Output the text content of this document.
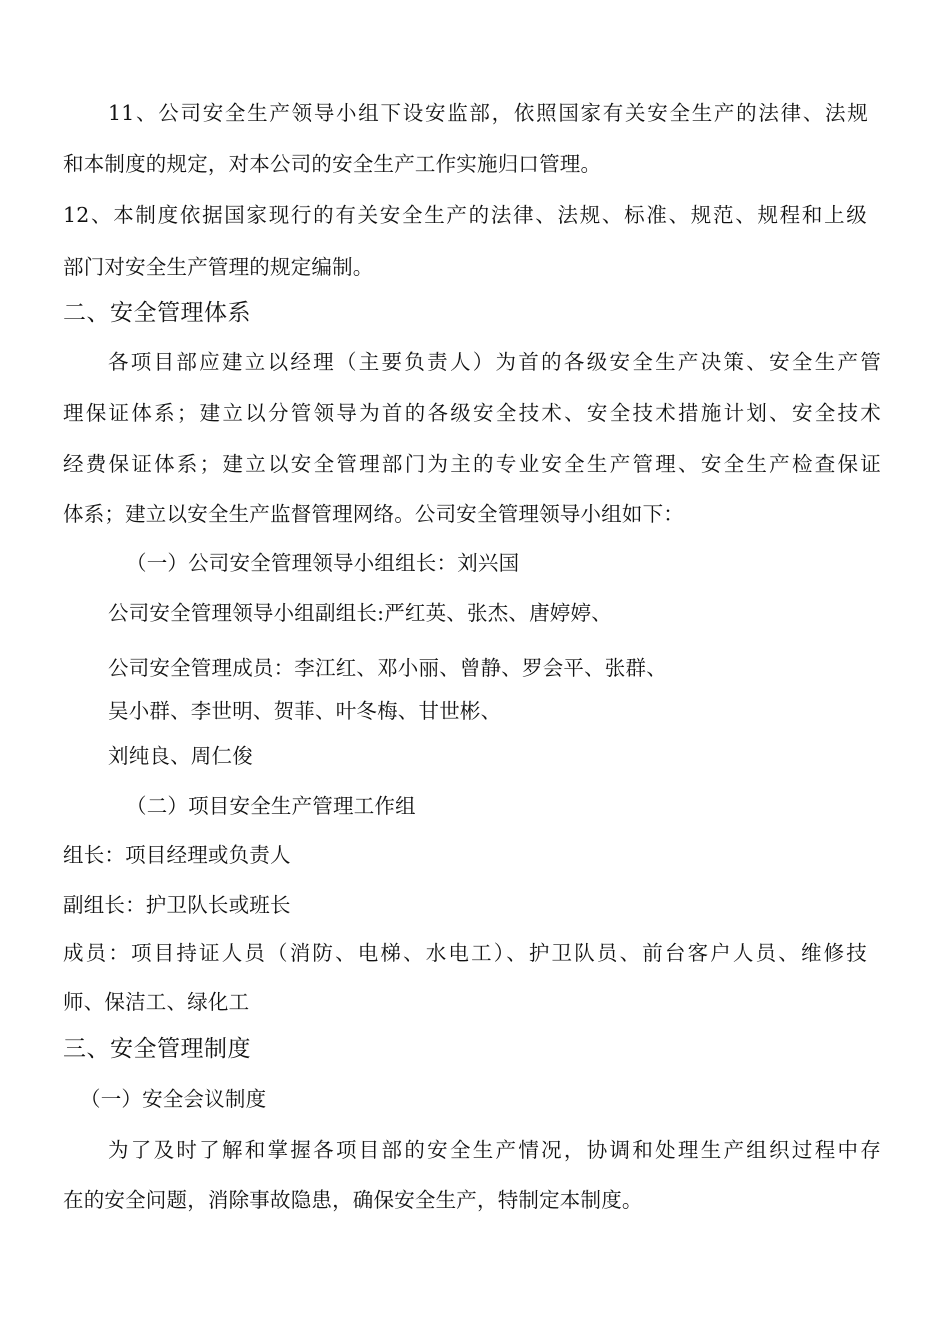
11、公司安全生产领导小组下设安监部，依照国家有关安全生产的法律、法规
和本制度的规定，对本公司的安全生产工作实施归口管理。
12、本制度依据国家现行的有关安全生产的法律、法规、标准、规范、规程和上级
部门对安全生产管理的规定编制。
二、安全管理体系
各项目部应建立以经理（主要负责人）为首的各级安全生产决策、安全生产管
理保证体系；建立以分管领导为首的各级安全技术、安全技术措施计划、安全技术
经费保证体系；建立以安全管理部门为主的专业安全生产管理、安全生产检查保证
体系；建立以安全生产监督管理网络。公司安全管理领导小组如下：
（一）公司安全管理领导小组组长：刘兴国
公司安全管理领导小组副组长:严红英、张杰、唐婷婷、
公司安全管理成员：李江红、邓小丽、曾静、罗会平、张群、
吴小群、李世明、贺菲、叶冬梅、甘世彬、
刘纯良、周仁俊
（二）项目安全生产管理工作组
组长：项目经理或负责人
副组长：护卫队长或班长
成员：项目持证人员（消防、电梯、水电工）、护卫队员、前台客户人员、维修技
师、保洁工、绿化工
三、安全管理制度
（一）安全会议制度
为了及时了解和掌握各项目部的安全生产情况，协调和处理生产组织过程中存
在的安全问题，消除事故隐患，确保安全生产，特制定本制度。
